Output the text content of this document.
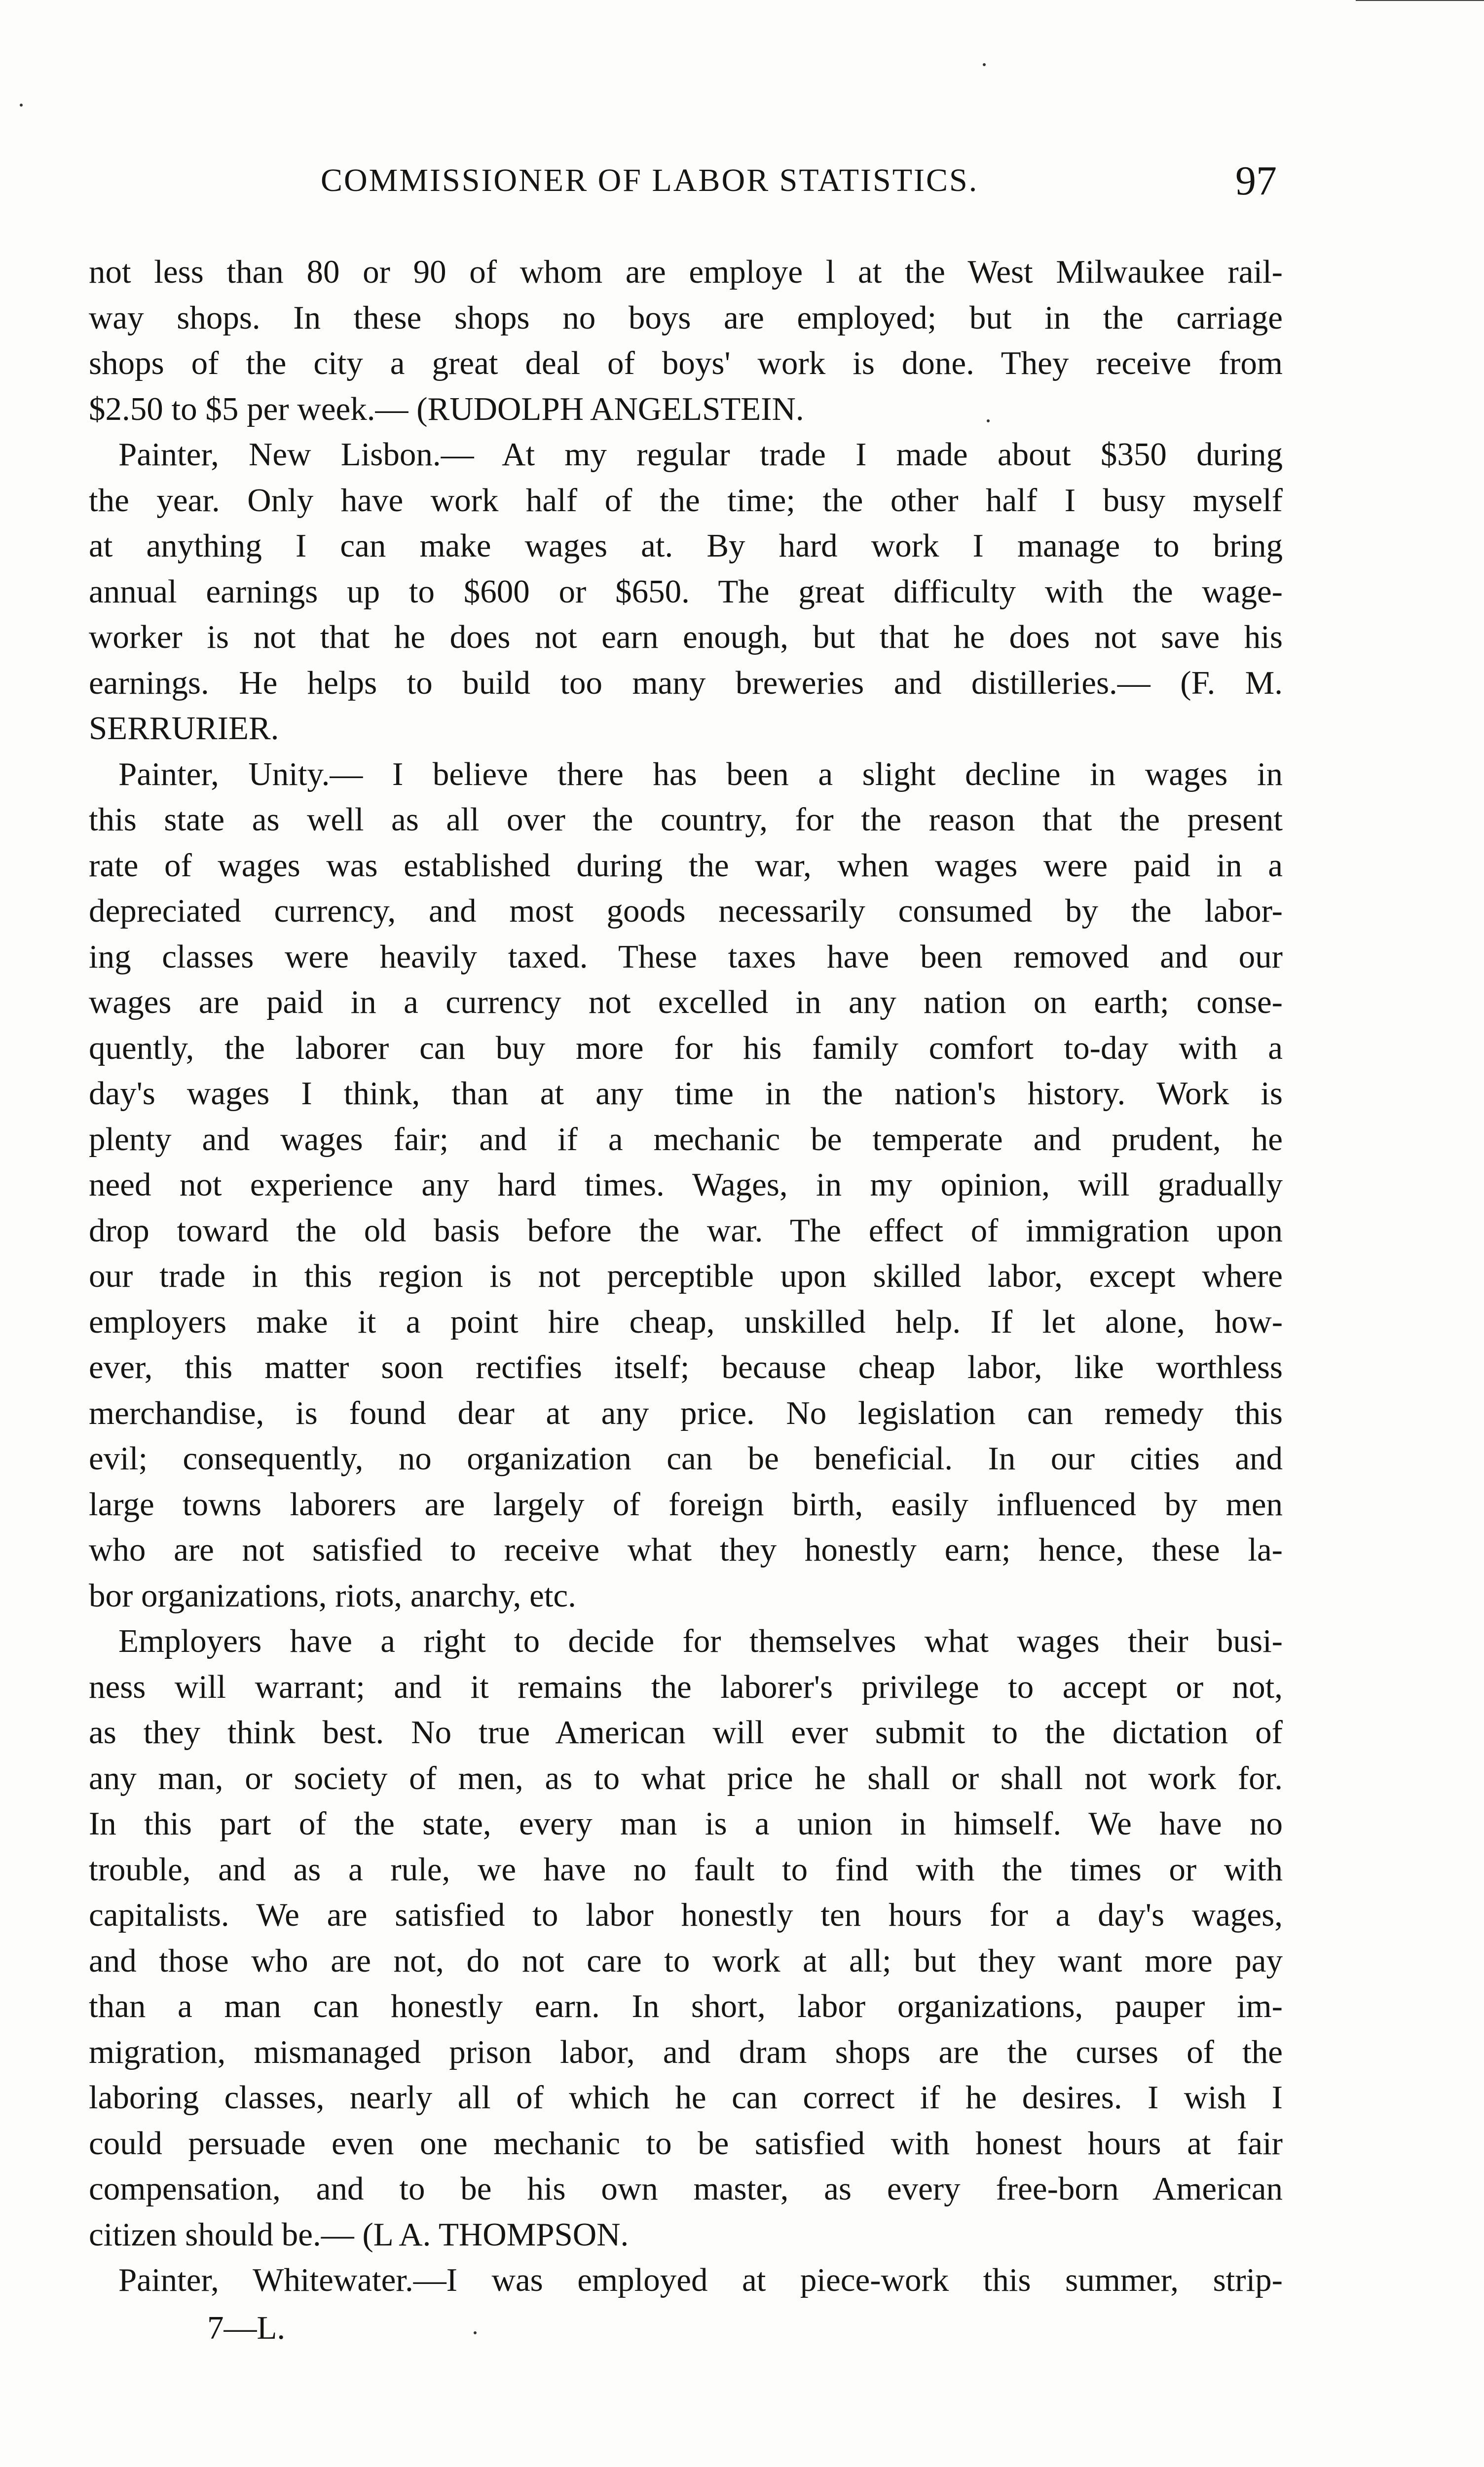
COMMISSIONER OF LABOR STATISTICS.	97
not less than 80 or 90 of whom are employe l at the West Milwaukee rail-
way shops. In these shops no boys are employed; but in the carriage
shops of the city a great deal of boys' work is done. They receive from
$2.50 to $5 per week.— (RUDOLPH ANGELSTEIN.
Painter, New Lisbon.— At my regular trade I made about $350 during
the year. Only have work half of the time; the other half I busy myself
at anything I can make wages at. By hard work I manage to bring
annual earnings up to $600 or $650. The great difficulty with the wage-
worker is not that he does not earn enough, but that he does not save his
earnings. He helps to build too many breweries and distilleries.— (F. M.
SERRURIER.
Painter, Unity.— I believe there has been a slight decline in wages in
this state as well as all over the country, for the reason that the present
rate of wages was established during the war, when wages were paid in a
depreciated currency, and most goods necessarily consumed by the labor-
ing classes were heavily taxed. These taxes have been removed and our
wages are paid in a currency not excelled in any nation on earth; conse-
quently, the laborer can buy more for his family comfort to-day with a
day's wages I think, than at any time in the nation's history. Work is
plenty and wages fair; and if a mechanic be temperate and prudent, he
need not experience any hard times. Wages, in my opinion, will gradually
drop toward the old basis before the war. The effect of immigration upon
our trade in this region is not perceptible upon skilled labor, except where
employers make it a point hire cheap, unskilled help. If let alone, how-
ever, this matter soon rectifies itself; because cheap labor, like worthless
merchandise, is found dear at any price. No legislation can remedy this
evil; consequently, no organization can be beneficial. In our cities and
large towns laborers are largely of foreign birth, easily influenced by men
who are not satisfied to receive what they honestly earn; hence, these la-
bor organizations, riots, anarchy, etc.
Employers have a right to decide for themselves what wages their busi-
ness will warrant; and it remains the laborer's privilege to accept or not,
as they think best. No true American will ever submit to the dictation of
any man, or society of men, as to what price he shall or shall not work for.
In this part of the state, every man is a union in himself. We have no
trouble, and as a rule, we have no fault to find with the times or with
capitalists. We are satisfied to labor honestly ten hours for a day's wages,
and those who are not, do not care to work at all; but they want more pay
than a man can honestly earn. In short, labor organizations, pauper im-
migration, mismanaged prison labor, and dram shops are the curses of the
laboring classes, nearly all of which he can correct if he desires. I wish I
could persuade even one mechanic to be satisfied with honest hours at fair
compensation, and to be his own master, as every free-born American
citizen should be.— (L A. THOMPSON.
Painter, Whitewater.—I was employed at piece-work this summer, strip-
7—L.
